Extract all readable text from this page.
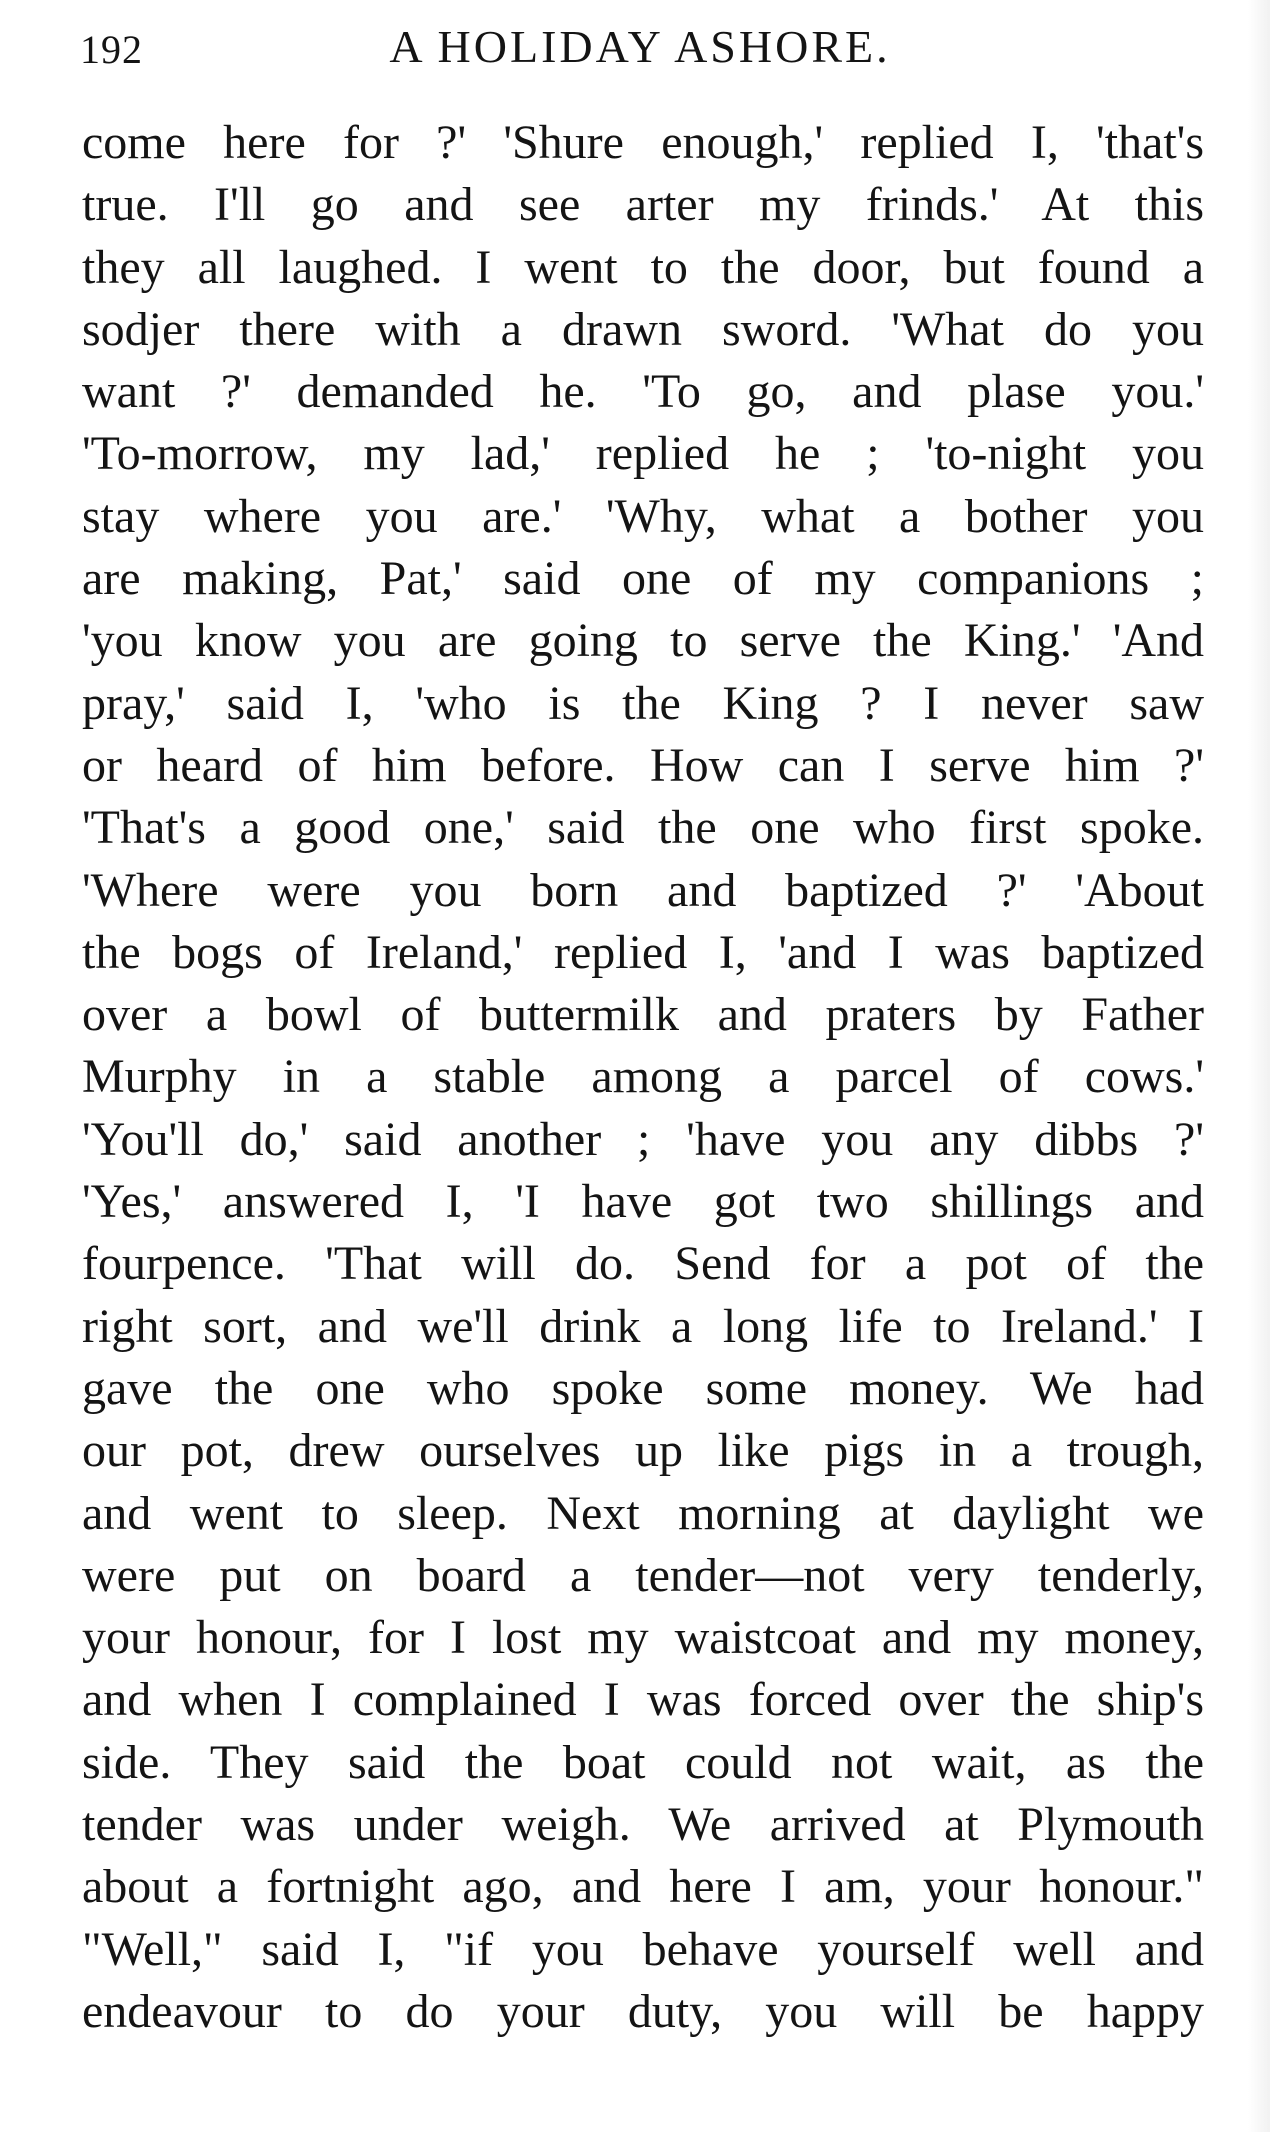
192	A HOLIDAY ASHORE.
come here for ?' 'Shure enough,' replied I, 'that's
true. I'll go and see arter my frinds.' At this
they all laughed. I went to the door, but found a
sodjer there with a drawn sword. 'What do you
want ?' demanded he. 'To go, and plase you.'
'To-morrow, my lad,' replied he ; 'to-night you
stay where you are.' 'Why, what a bother you
are making, Pat,' said one of my companions ;
'you know you are going to serve the King.' 'And
pray,' said I, 'who is the King ? I never saw
or heard of him before. How can I serve him ?'
'That's a good one,' said the one who first spoke.
'Where were you born and baptized ?' 'About
the bogs of Ireland,' replied I, 'and I was baptized
over a bowl of buttermilk and praters by Father
Murphy in a stable among a parcel of cows.'
'You'll do,' said another ; 'have you any dibbs ?'
'Yes,' answered I, 'I have got two shillings and
fourpence. 'That will do. Send for a pot of the
right sort, and we'll drink a long life to Ireland.' I
gave the one who spoke some money. We had
our pot, drew ourselves up like pigs in a trough,
and went to sleep. Next morning at daylight we
were put on board a tender—not very tenderly,
your honour, for I lost my waistcoat and my money,
and when I complained I was forced over the ship's
side. They said the boat could not wait, as the
tender was under weigh. We arrived at Plymouth
about a fortnight ago, and here I am, your honour."
"Well," said I, "if you behave yourself well and
endeavour to do your duty, you will be happy
